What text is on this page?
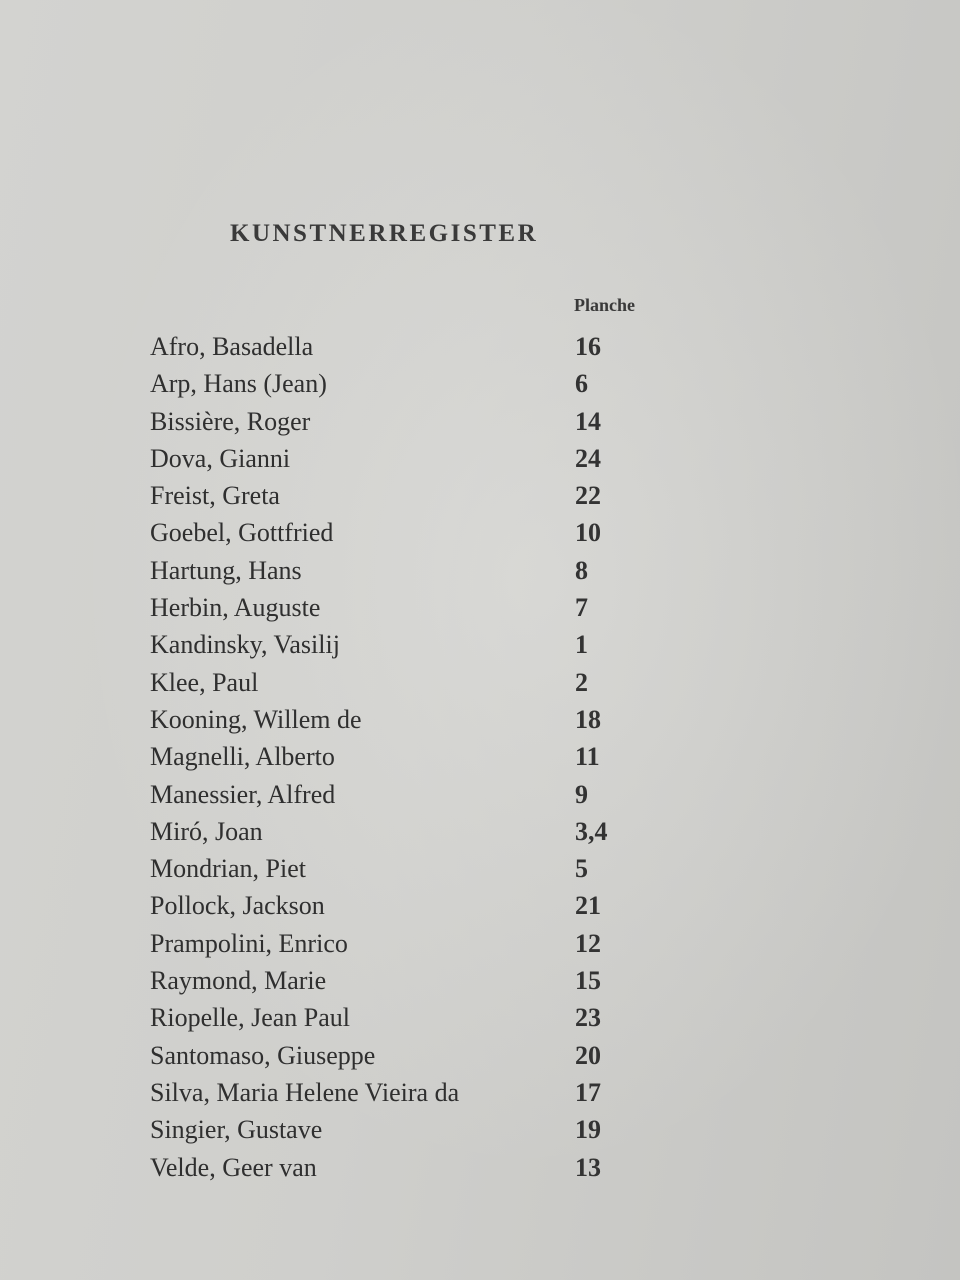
KUNSTNERREGISTER
Planche
Afro, Basadella	16
Arp, Hans (Jean)	6
Bissière, Roger	14
Dova, Gianni	24
Freist, Greta	22
Goebel, Gottfried	10
Hartung, Hans	8
Herbin, Auguste	7
Kandinsky, Vasilij	1
Klee, Paul	2
Kooning, Willem de	18
Magnelli, Alberto	11
Manessier, Alfred	9
Miró, Joan	3,4
Mondrian, Piet	5
Pollock, Jackson	21
Prampolini, Enrico	12
Raymond, Marie	15
Riopelle, Jean Paul	23
Santomaso, Giuseppe	20
Silva, Maria Helene Vieira da	17
Singier, Gustave	19
Velde, Geer van	13
